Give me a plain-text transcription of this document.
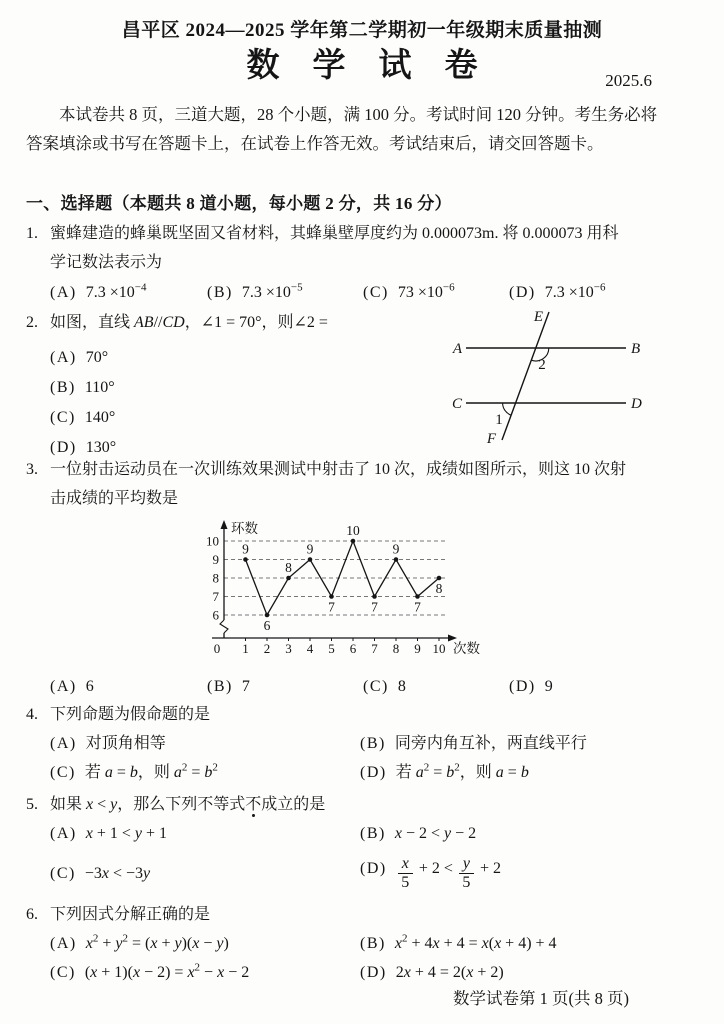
昌平区 2024—2025 学年第二学期初一年级期末质量抽测
数　学　试　卷	2025.6
本试卷共 8 页，三道大题，28 个小题，满 100 分。考试时间 120 分钟。考生务必将
答案填涂或书写在答题卡上，在试卷上作答无效。考试结束后，请交回答题卡。
一、选择题（本题共 8 道小题，每小题 2 分，共 16 分）
1. 蜜蜂建造的蜂巢既坚固又省材料，其蜂巢壁厚度约为 0.000073m. 将 0.000073 用科
学记数法表示为
(A) $7.3 \times 10^{-4}$	(B) $7.3 \times 10^{-5}$	(C) $73 \times 10^{-6}$	(D) $7.3 \times 10^{-6}$
2. 如图，直线 AB//CD，∠1 = 70°，则∠2 =
(A) 70°
(B) 110°
(C) 140°
(D) 130°
E
A	B
C	D
F
2
1
3. 一位射击运动员在一次训练效果测试中射击了 10 次，成绩如图所示，则这 10 次射
击成绩的平均数是
6
7
8
9
10
环数
次数
0 1 2 3 4 5 6 7 8 9 10
9
6
8
9
7
10
7
9
7
8
(A) 6	(B) 7	(C) 8	(D) 9
4. 下列命题为假命题的是
(A) 对顶角相等	(B) 同旁内角互补，两直线平行
(C) 若 a = b，则 $a^2 = b^2$	(D) 若 $a^2 = b^2$，则 a = b
5. 如果 x < y，那么下列不等式不成立的是
(A) x + 1 < y + 1	(B) x − 2 < y − 2
(C) −3x < −3y	$(D) \frac{x}{5} + 2 < \frac{y}{5} + 2$
6. 下列因式分解正确的是
(A) $x^2 + y^2 = (x + y)(x - y)$	(B) $x^2 + 4x + 4 = x(x + 4) + 4$
(C) $(x + 1)(x - 2) = x^2 - x - 2$	(D) 2x + 4 = 2(x + 2)
数学试卷第 1 页(共 8 页)
